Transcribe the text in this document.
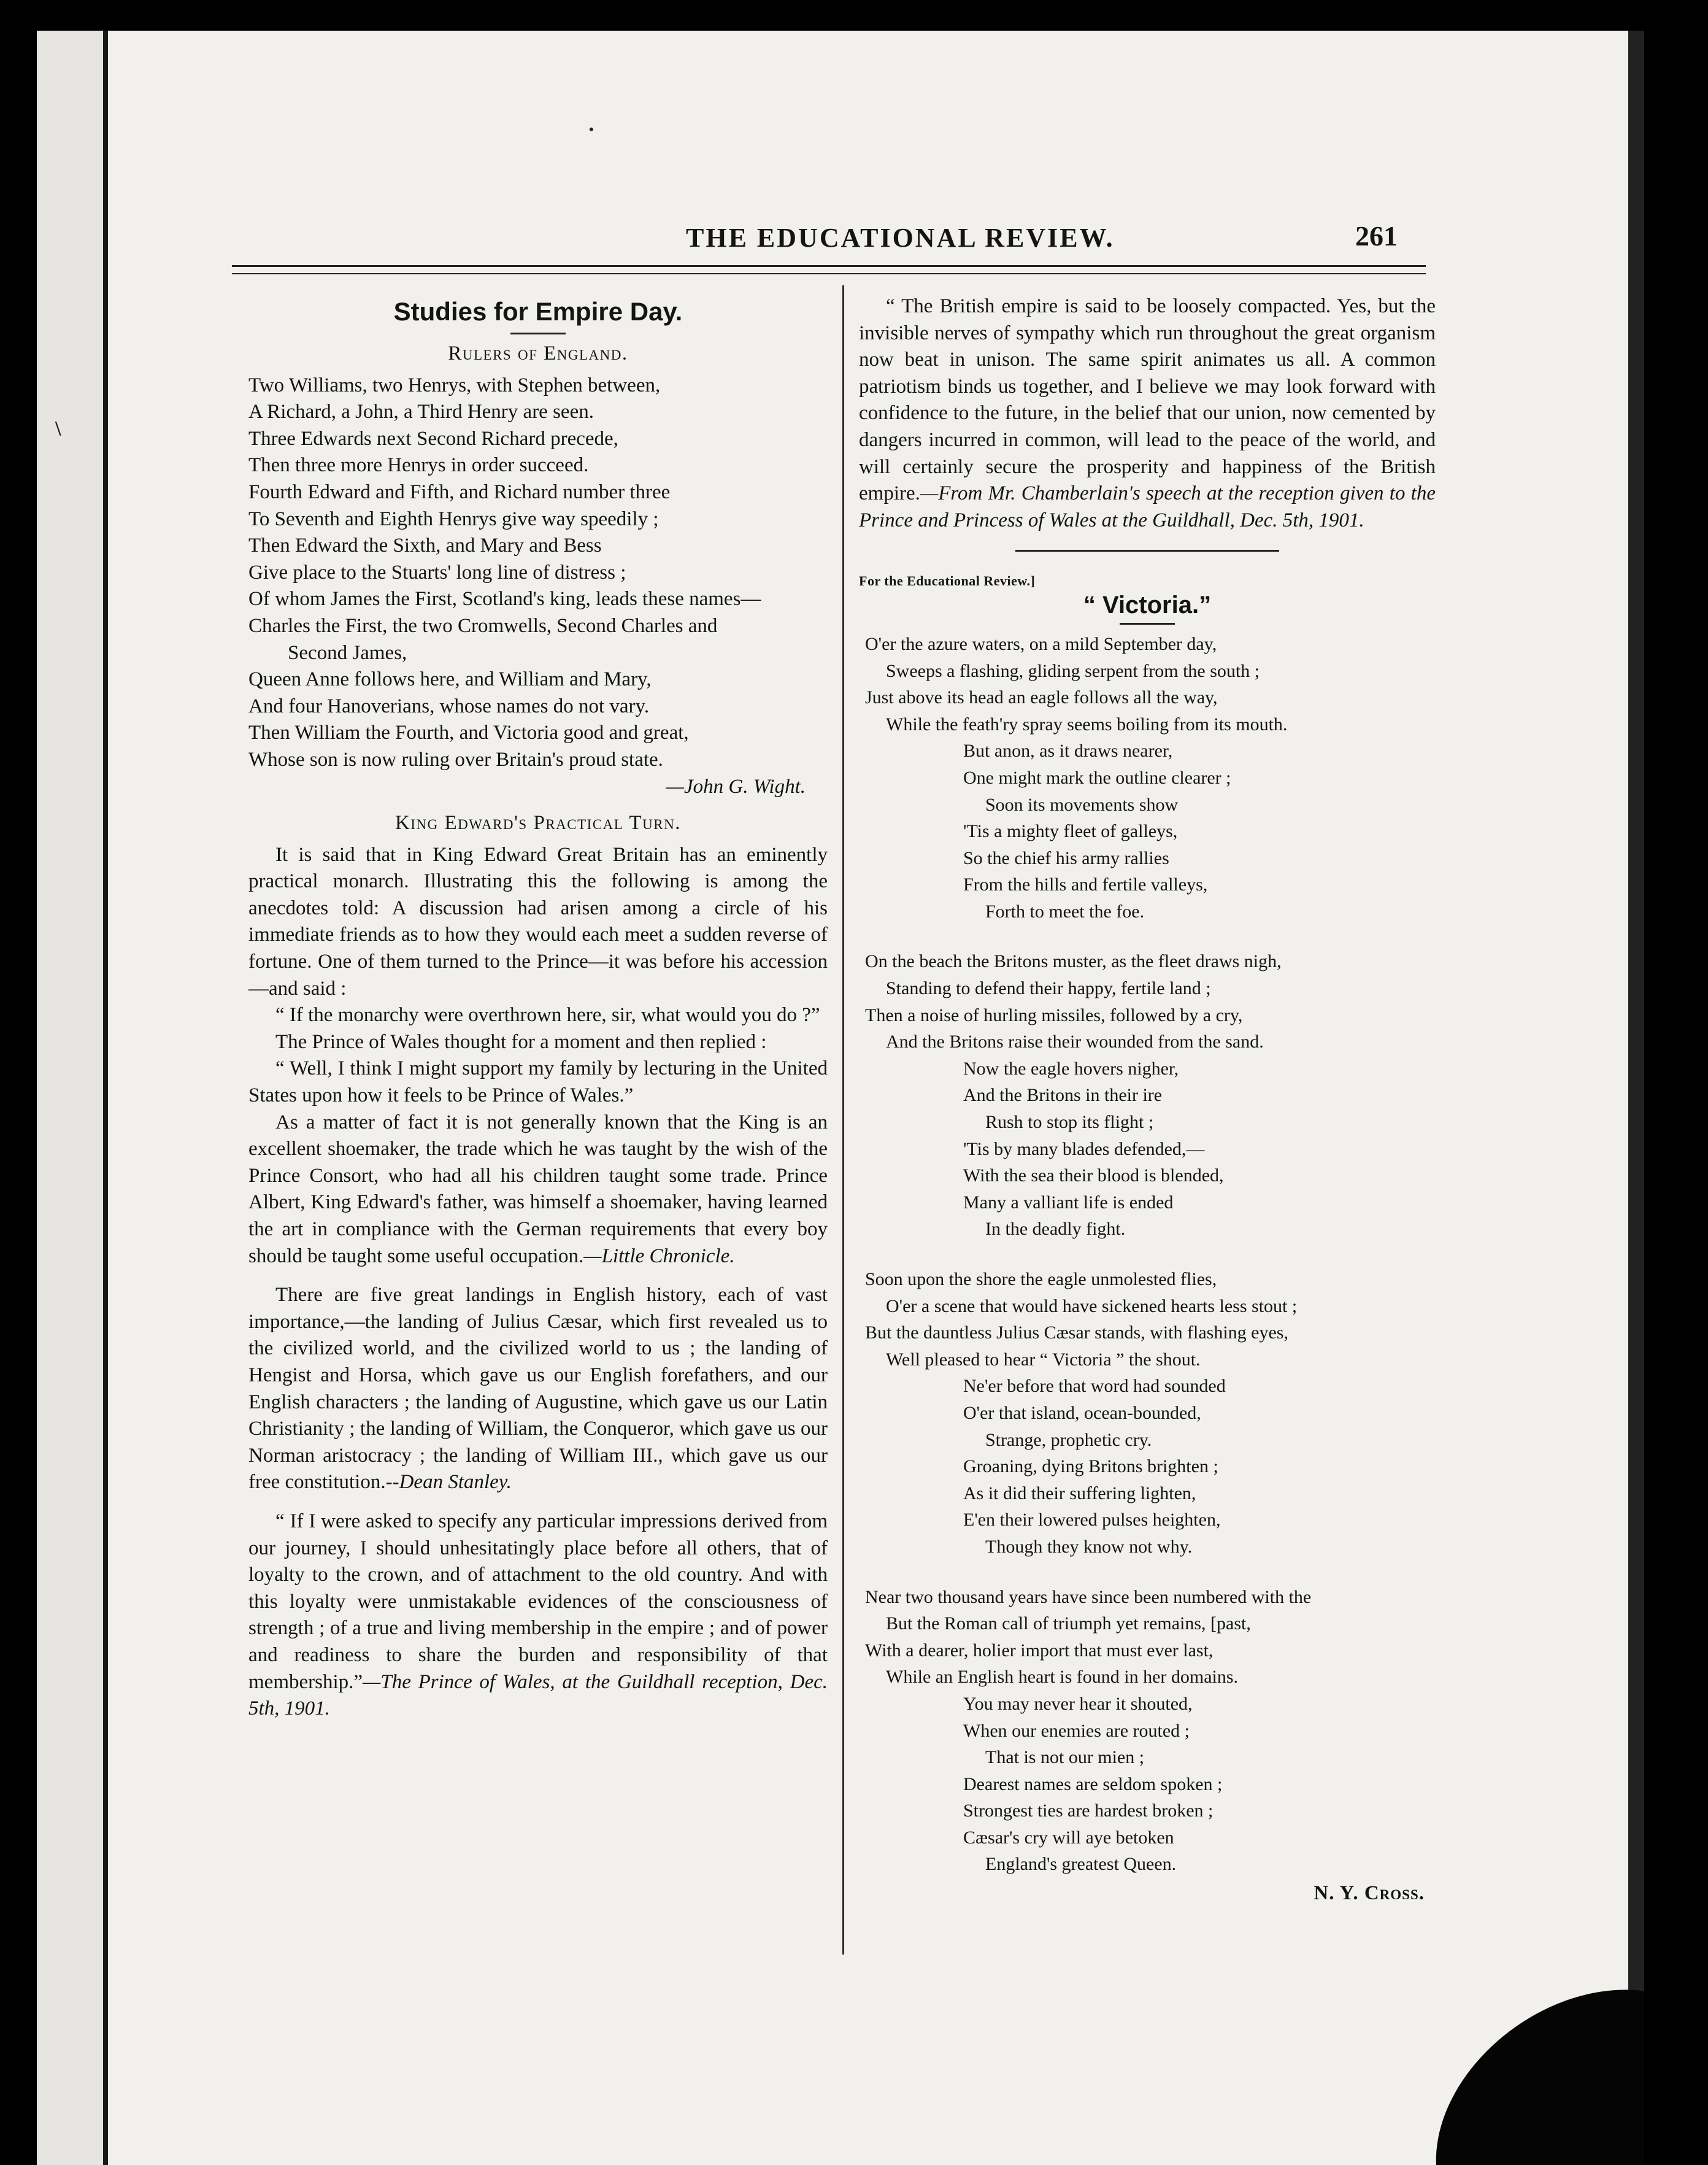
\
•
THE EDUCATIONAL REVIEW.	261
Studies for Empire Day.
Rulers of England.
Two Williams, two Henrys, with Stephen between,
A Richard, a John, a Third Henry are seen.
Three Edwards next Second Richard precede,
Then three more Henrys in order succeed.
Fourth Edward and Fifth, and Richard number three
To Seventh and Eighth Henrys give way speedily ;
Then Edward the Sixth, and Mary and Bess
Give place to the Stuarts' long line of distress ;
Of whom James the First, Scotland's king, leads these names—
Charles the First, the two Cromwells, Second Charles and
Second James,
Queen Anne follows here, and William and Mary,
And four Hanoverians, whose names do not vary.
Then William the Fourth, and Victoria good and great,
Whose son is now ruling over Britain's proud state.
—John G. Wight.
King Edward's Practical Turn.

It is said that in King Edward Great Britain has an eminently practical monarch. Illustrating this the following is among the anecdotes told: A discussion had arisen among a circle of his immediate friends as to how they would each meet a sudden reverse of fortune. One of them turned to the Prince—it was before his accession—and said :

“ If the monarchy were overthrown here, sir, what would you do ?”

The Prince of Wales thought for a moment and then replied :

“ Well, I think I might support my family by lecturing in the United States upon how it feels to be Prince of Wales.”

As a matter of fact it is not generally known that the King is an excellent shoemaker, the trade which he was taught by the wish of the Prince Consort, who had all his children taught some trade. Prince Albert, King Edward's father, was himself a shoemaker, having learned the art in compliance with the German requirements that every boy should be taught some useful occupation.—Little Chronicle.

There are five great landings in English history, each of vast importance,—the landing of Julius Cæsar, which first revealed us to the civilized world, and the civilized world to us ; the landing of Hengist and Horsa, which gave us our English forefathers, and our English characters ; the landing of Augustine, which gave us our Latin Christianity ; the landing of William, the Conqueror, which gave us our Norman aristocracy ; the landing of William III., which gave us our free constitution.--Dean Stanley.

“ If I were asked to specify any particular impressions derived from our journey, I should unhesitatingly place before all others, that of loyalty to the crown, and of attachment to the old country. And with this loyalty were unmistakable evidences of the consciousness of strength ; of a true and living membership in the empire ; and of power and readiness to share the burden and responsibility of that membership.”—The Prince of Wales, at the Guildhall reception, Dec. 5th, 1901.

“ The British empire is said to be loosely compacted. Yes, but the invisible nerves of sympathy which run throughout the great organism now beat in unison. The same spirit animates us all. A common patriotism binds us together, and I believe we may look forward with confidence to the future, in the belief that our union, now cemented by dangers incurred in common, will lead to the peace of the world, and will certainly secure the prosperity and happiness of the British empire.—From Mr. Chamberlain's speech at the reception given to the Prince and Princess of Wales at the Guildhall, Dec. 5th, 1901.

For the Educational Review.]
“ Victoria.”
O'er the azure waters, on a mild September day,
Sweeps a flashing, gliding serpent from the south ;
Just above its head an eagle follows all the way,
While the feath'ry spray seems boiling from its mouth.
But anon, as it draws nearer,
One might mark the outline clearer ;
Soon its movements show
'Tis a mighty fleet of galleys,
So the chief his army rallies
From the hills and fertile valleys,
Forth to meet the foe.
On the beach the Britons muster, as the fleet draws nigh,
Standing to defend their happy, fertile land ;
Then a noise of hurling missiles, followed by a cry,
And the Britons raise their wounded from the sand.
Now the eagle hovers nigher,
And the Britons in their ire
Rush to stop its flight ;
'Tis by many blades defended,—
With the sea their blood is blended,
Many a valliant life is ended
In the deadly fight.
Soon upon the shore the eagle unmolested flies,
O'er a scene that would have sickened hearts less stout ;
But the dauntless Julius Cæsar stands, with flashing eyes,
Well pleased to hear “ Victoria ” the shout.
Ne'er before that word had sounded
O'er that island, ocean-bounded,
Strange, prophetic cry.
Groaning, dying Britons brighten ;
As it did their suffering lighten,
E'en their lowered pulses heighten,
Though they know not why.
Near two thousand years have since been numbered with the
But the Roman call of triumph yet remains, [past,
With a dearer, holier import that must ever last,
While an English heart is found in her domains.
You may never hear it shouted,
When our enemies are routed ;
That is not our mien ;
Dearest names are seldom spoken ;
Strongest ties are hardest broken ;
Cæsar's cry will aye betoken
England's greatest Queen.
N. Y. Cross.
